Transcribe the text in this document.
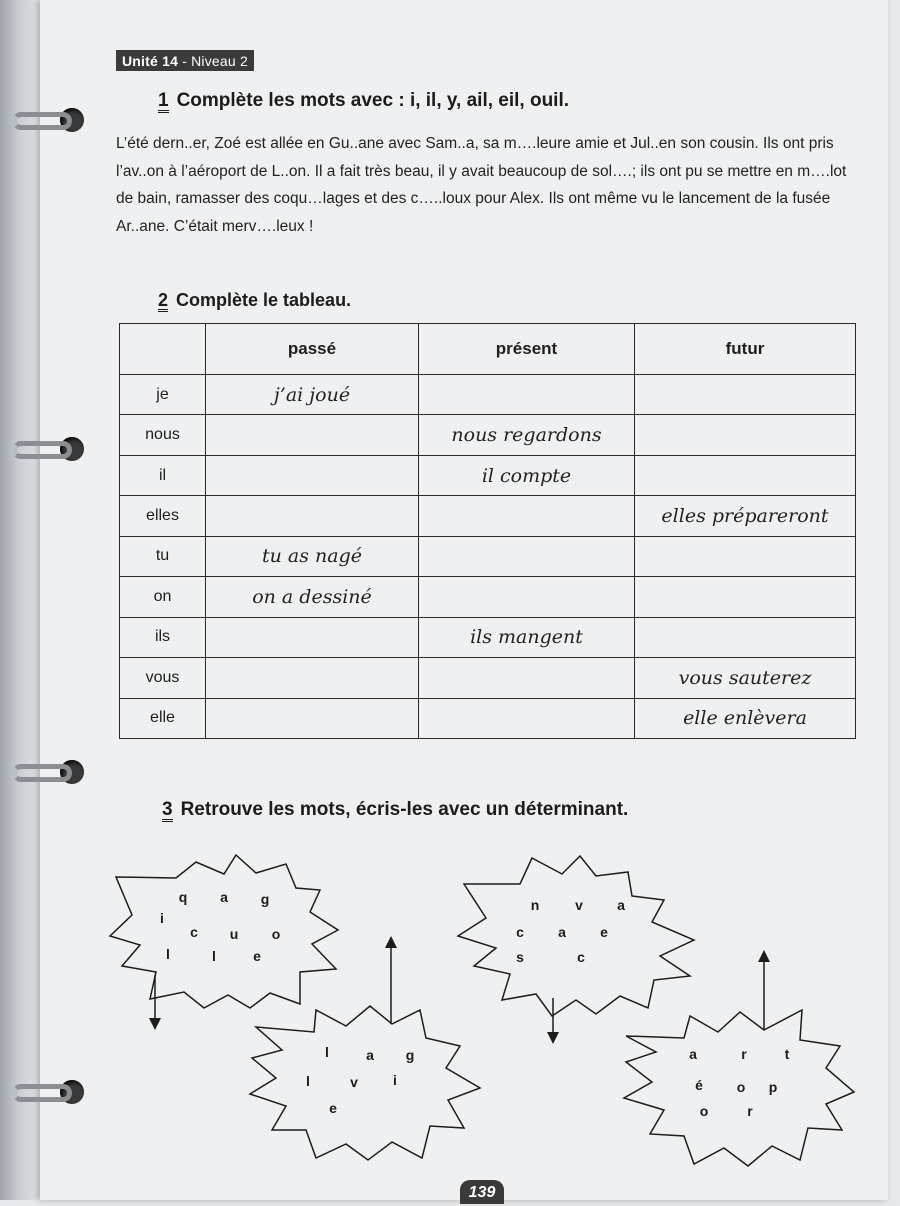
Unité 14 - Niveau 2
1 Complète les mots avec : i, il, y, ail, eil, ouil.
L’été dern..er, Zoé est allée en Gu..ane avec Sam..a, sa m….leure amie et Jul..en son cousin. Ils ont pris l’av..on à l’aéroport de L..on. Il a fait très beau, il y avait beaucoup de sol….; ils ont pu se mettre en m….lot de bain, ramasser des coqu…lages et des c…..loux pour Alex. Ils ont même vu le lancement de la fusée Ar..ane. C’était merv….leux !
2 Complète le tableau.
	passé	présent	futur
je	j’ai joué		
nous		nous regardons	
il		il compte	
elles			elles prépareront
tu	tu as nagé		
on	on a dessiné		
ils		ils mangent	
vous			vous sauterez
elle			elle enlèvera
3 Retrouve les mots, écris-les avec un déterminant.
q a g
i
c u o
l	l	e
l	a g
l	v	i
e
n	v a
c a e
s	c
a	r	t
é o p
o	r
139
